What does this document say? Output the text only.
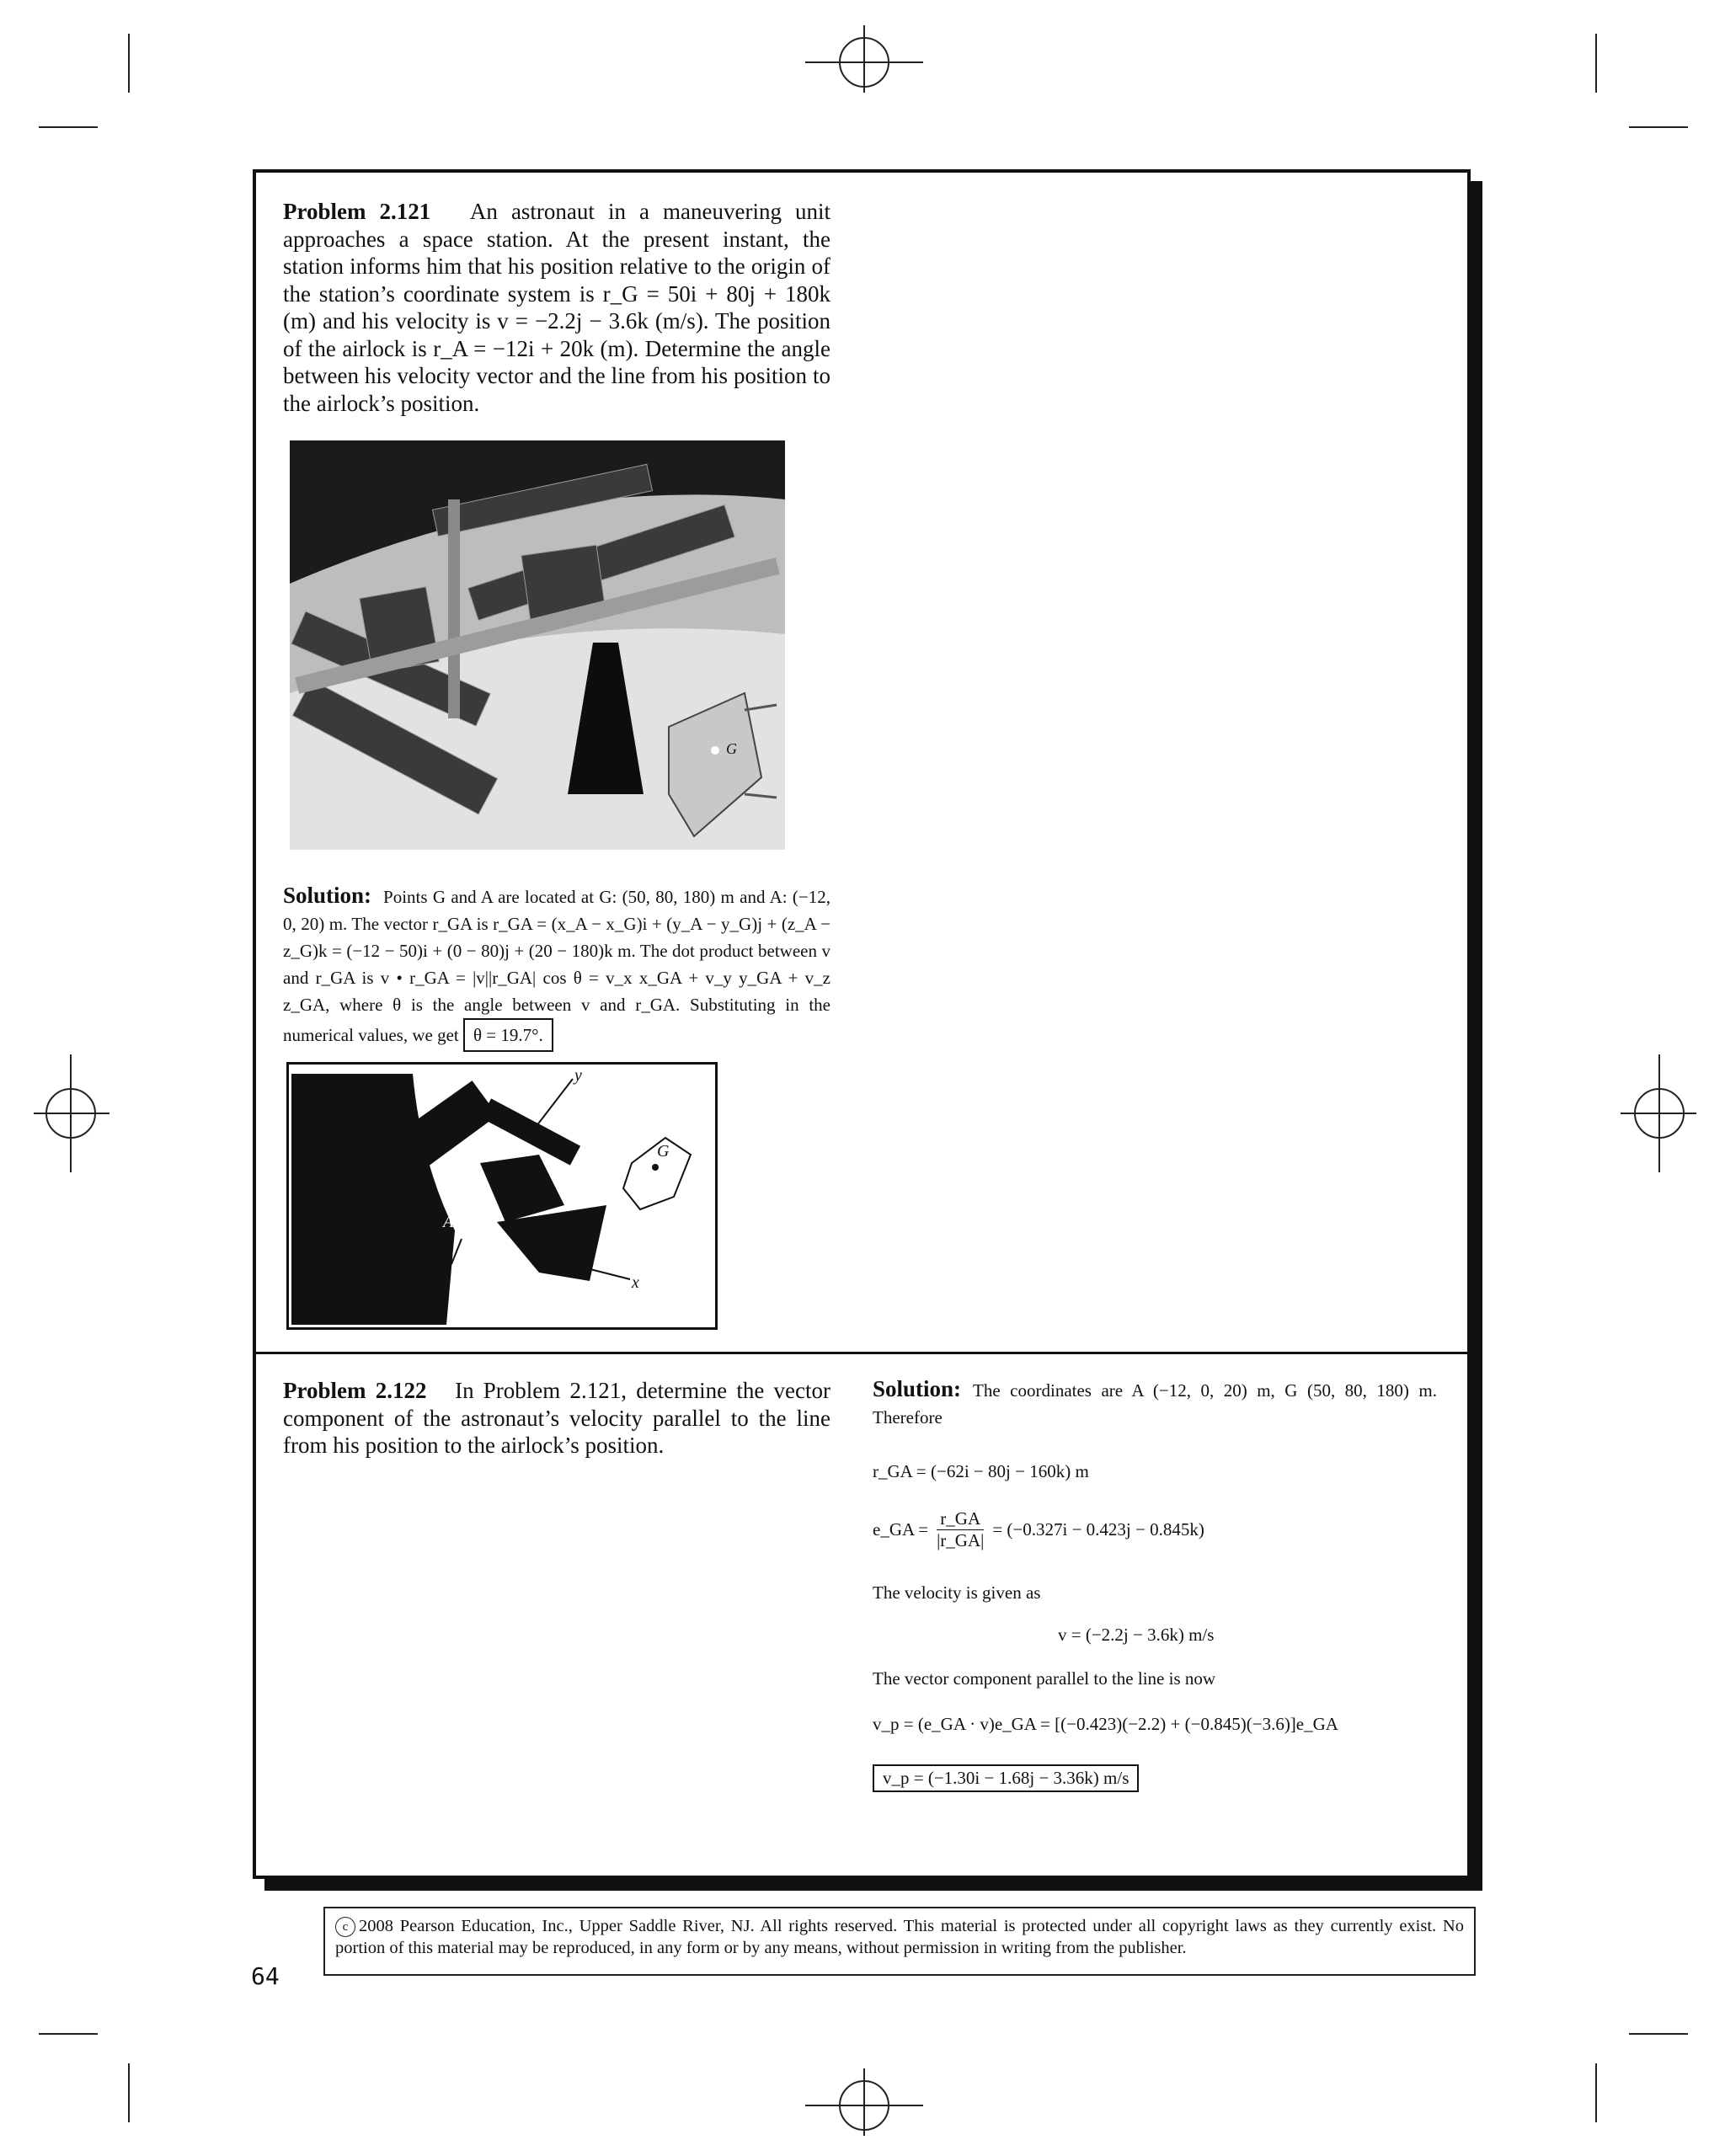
Problem 2.121 An astronaut in a maneuvering unit approaches a space station. At the present instant, the station informs him that his position relative to the origin of the station’s coordinate system is r_G = 50i + 80j + 180k (m) and his velocity is v = −2.2j − 3.6k (m/s). The position of the airlock is r_A = −12i + 20k (m). Determine the angle between his velocity vector and the line from his position to the airlock’s position.
G
Solution: Points G and A are located at G: (50, 80, 180) m and A: (−12, 0, 20) m. The vector r_GA is r_GA = (x_A − x_G)i + (y_A − y_G)j + (z_A − z_G)k = (−12 − 50)i + (0 − 80)j + (20 − 180)k m. The dot product between v and r_GA is v • r_GA = |v||r_GA| cos θ = v_x x_GA + v_y y_GA + v_z z_GA, where θ is the angle between v and r_GA. Substituting in the numerical values, we get θ = 19.7°.
y
x
z
A
G
Problem 2.122 In Problem 2.121, determine the vector component of the astronaut’s velocity parallel to the line from his position to the airlock’s position.
Solution: The coordinates are A (−12, 0, 20) m, G (50, 80, 180) m. Therefore
r_GA = (−62i − 80j − 160k) m
e_GA = $\frac{r\_GA}{|r\_GA|} = (-0.327i - 0.423j - 0.845k)$
The velocity is given as
v = (−2.2j − 3.6k) m/s
The vector component parallel to the line is now
v_p = (e_GA · v)e_GA = [(−0.423)(−2.2) + (−0.845)(−3.6)]e_GA
v_p = (−1.30i − 1.68j − 3.36k) m/s
c 2008 Pearson Education, Inc., Upper Saddle River, NJ. All rights reserved. This material is protected under all copyright laws as they currently exist. No portion of this material may be reproduced, in any form or by any means, without permission in writing from the publisher.
64
